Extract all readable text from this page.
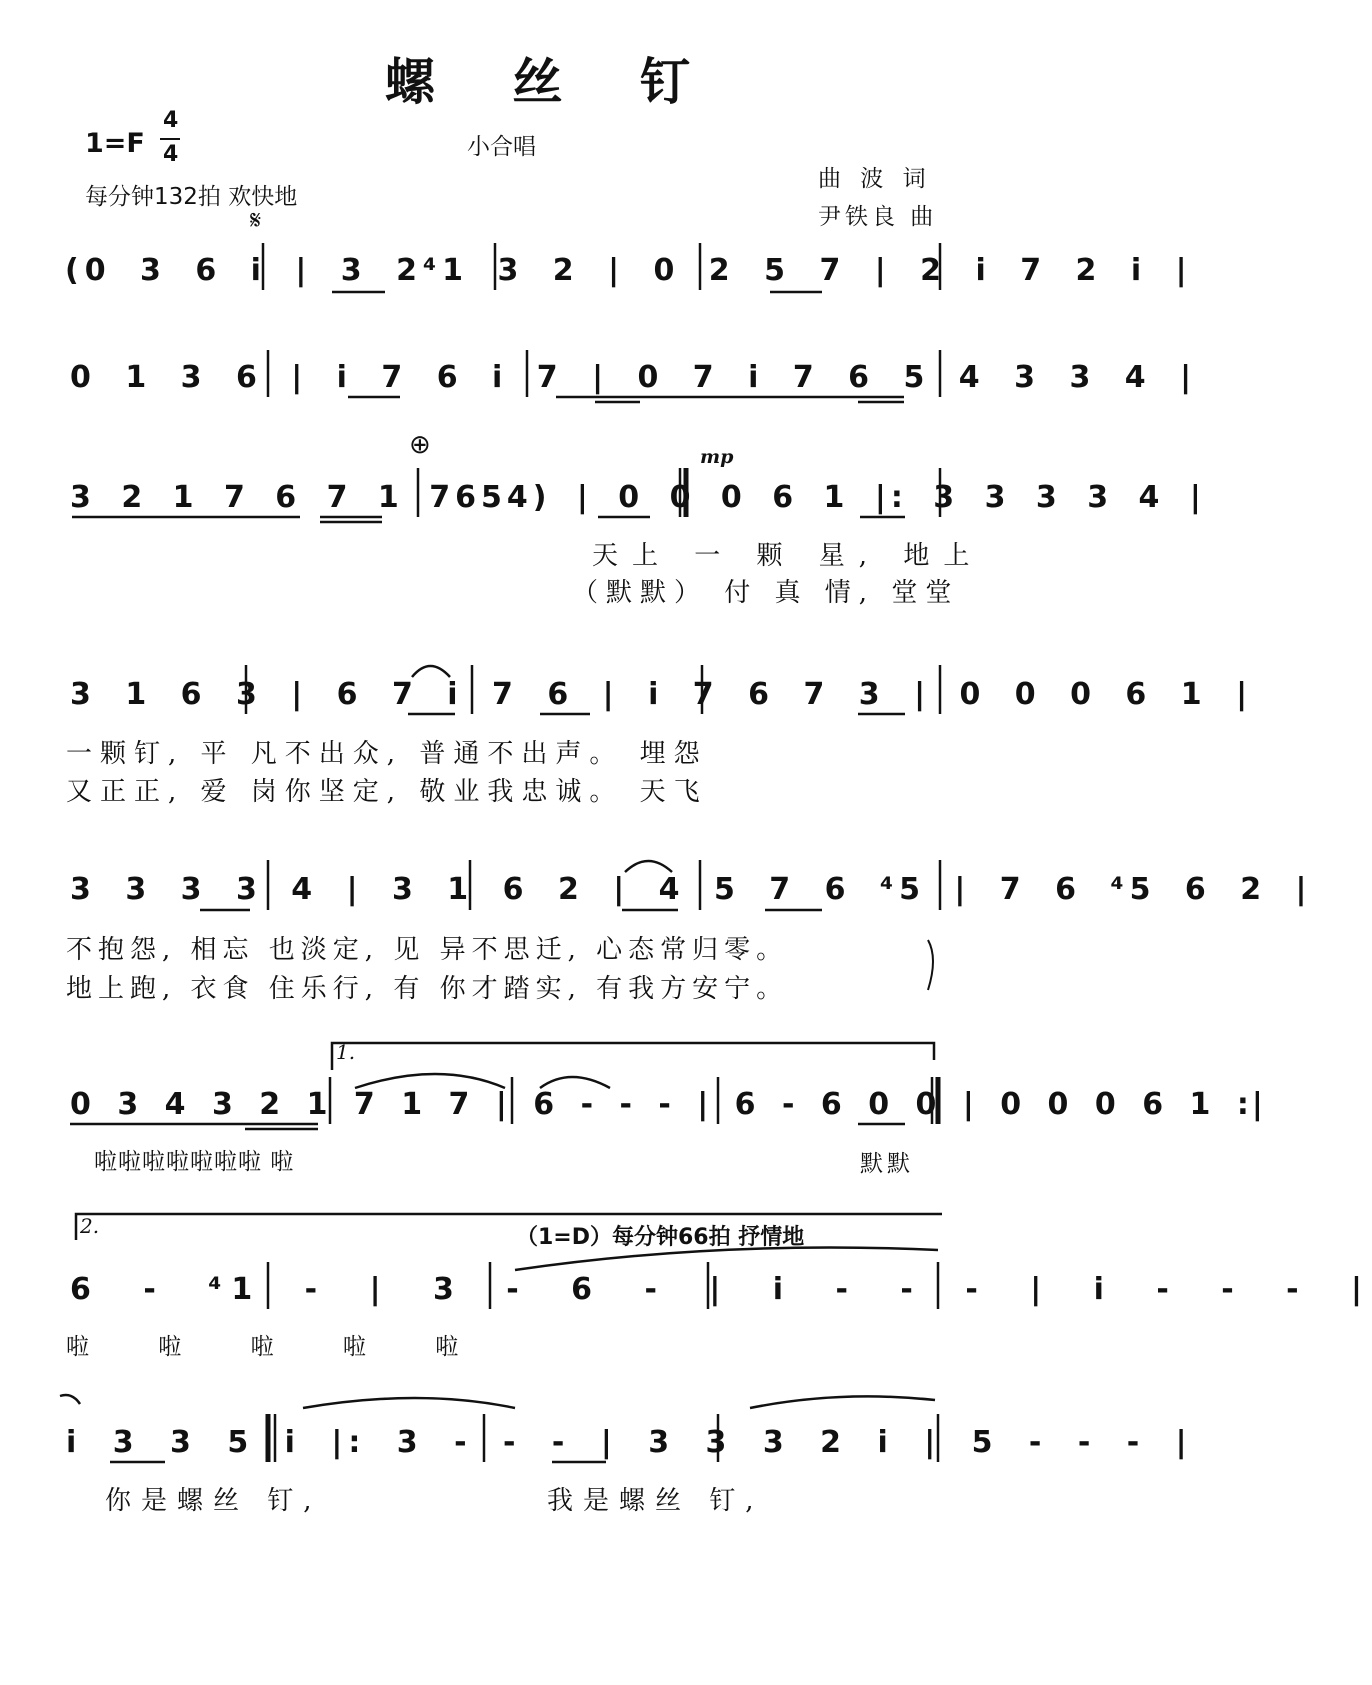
螺 丝 钉
1=F
4
4	小合唱
每分钟132拍 欢快地
曲 波 词
尹铁良 曲
𝄋
⊕	mp
(0 3 6 i | 3 2⁴1 3 2 | 0 2 5 7 | 2 i 7 2 i |
0 1 3 6 | i 7 6 i 7 | 0 7 i 7 6 5 4 3 3 4 |
3 2 1 7 6 7 1 7654) | 0 0 0 6 1 |: 3 3 3 3 4 |
天上 一 颗 星, 地上
（默默） 付 真 情, 堂堂
3 1 6 3 | 6 7 i 7 6 | i 7 6 7 3 | 0 0 0 6 1 |
一颗钉, 平 凡不出众, 普通不出声。 埋怨
又正正, 爱 岗你坚定, 敬业我忠诚。 天飞
3 3 3 3 4 | 3 1 6 2 | 4 5 7 6 ⁴5 | 7 6 ⁴5 6 2 |
不抱怨, 相忘 也淡定, 见 异不思迁, 心态常归零。
地上跑, 衣食 住乐行, 有 你才踏实, 有我方安宁。
1.
0 3 4 3 2 1 7 1 7 | 6 - - - | 6 - 6 0 0 | 0 0 0 6 1 :|
啦啦啦啦啦啦啦 啦	默默
2.	（1=D）每分钟66拍 抒情地
6 - ⁴1 - | 3 - 6 - | i - - - | i - - - |
啦 啦 啦 啦 啦
i 3 3 5 i |: 3 - - - | 3 3 3 2 i | 5 - - - |
你是螺丝 钉,	我是螺丝 钉,
